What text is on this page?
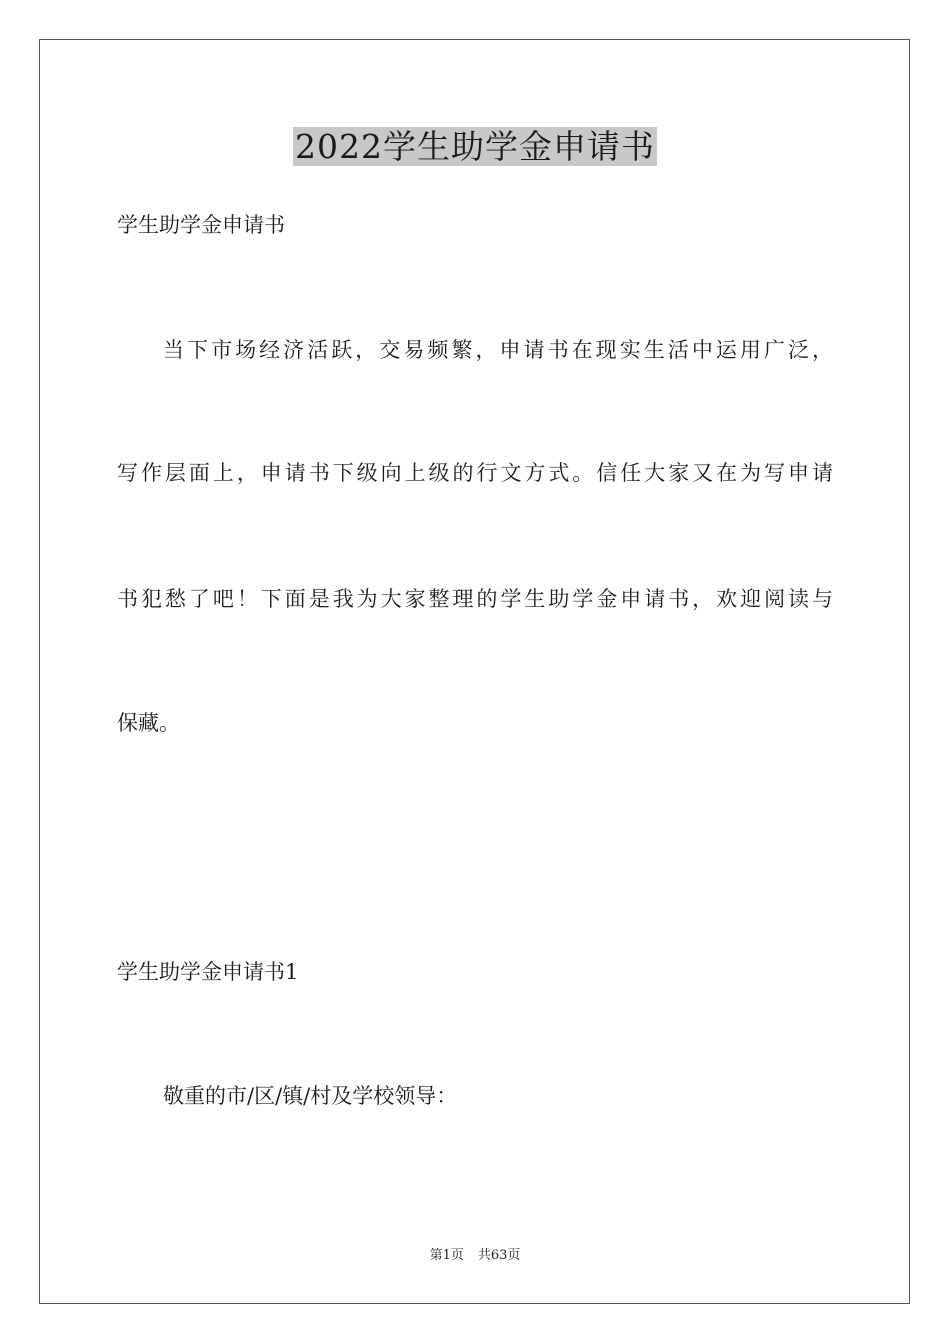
2022学生助学金申请书

学生助学金申请书

当下市场经济活跃，交易频繁，申请书在现实生活中运用广泛，

写作层面上，申请书下级向上级的行文方式。信任大家又在为写申请

书犯愁了吧！下面是我为大家整理的学生助学金申请书，欢迎阅读与

保藏。

学生助学金申请书1

敬重的市/区/镇/村及学校领导：

第1页 共63页
